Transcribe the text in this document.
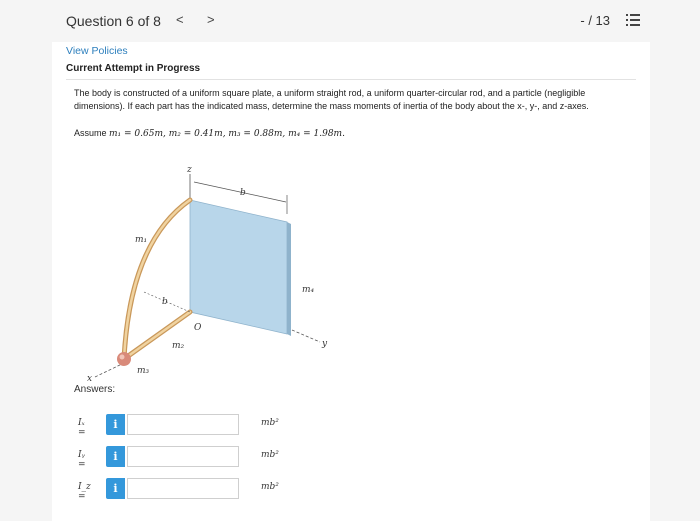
Question 6 of 8 < >	- / 13
View Policies
Current Attempt in Progress
The body is constructed of a uniform square plate, a uniform straight rod, a uniform quarter-circular rod, and a particle (negligible dimensions). If each part has the indicated mass, determine the mass moments of inertia of the body about the x-, y-, and z-axes.
Assume m₁ = 0.65m, m₂ = 0.41m, m₃ = 0.88m, m₄ = 1.98m.
z
y
x
b
b
O
m₁
m₂
m₃
m₄
Answers:
Iₓ =
i	mb²
Iᵧ =
i	mb²
I_z =
i	mb²
